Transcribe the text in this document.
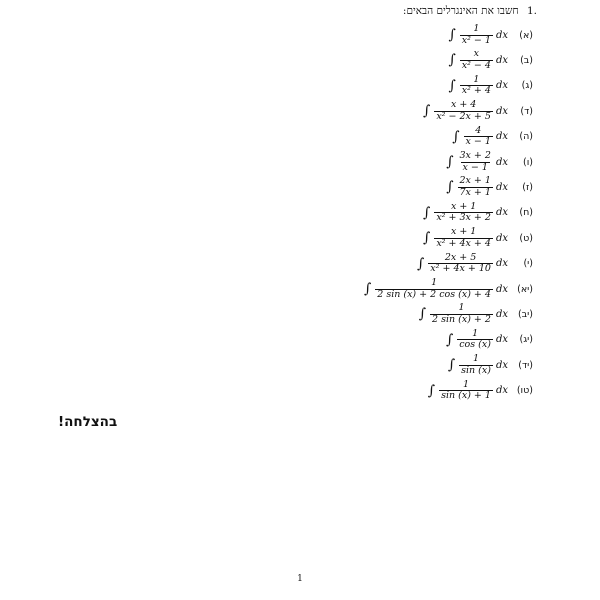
.1 חשבו את האינגרלים הבאים:
(א)
∫ $\frac{1}{\text{x² − 1}}$ dx
(ב)
∫ $\frac{x}{\text{x² − 4}}$ dx
(ג)
∫ $\frac{1}{\text{x² + 4}}$ dx
(ד)
∫ $\frac{x + 4}{\text{x² − 2x + 5}}$ dx
(ה)
∫ $\frac{4}{x - 1}$ dx
(ו)
∫ $\frac{3x + 2}{x - 1}$ dx
(ז)
∫ $\frac{2x + 1}{7x + 1}$ dx
(ח)
∫ $\frac{x + 1}{\text{x² + 3x + 2}}$ dx
(ט)
∫ $\frac{x + 1}{\text{x² + 4x + 4}}$ dx
(י)
∫ $\frac{2x + 5}{\text{x² + 4x + 10}}$ dx
(יא)
∫ $\frac{1}{2 \sin (x) + 2 \cos (x) + 4}$ dx
(יב)
∫ $\frac{1}{2 \sin (x) + 2}$ dx
(יג)
∫ $\frac{1}{\cos (x)}$ dx
(יד)
∫ $\frac{1}{\sin (x)}$ dx
(טו)
∫ $\frac{1}{\sin (x) + 1}$ dx
בהצלחה!
1
